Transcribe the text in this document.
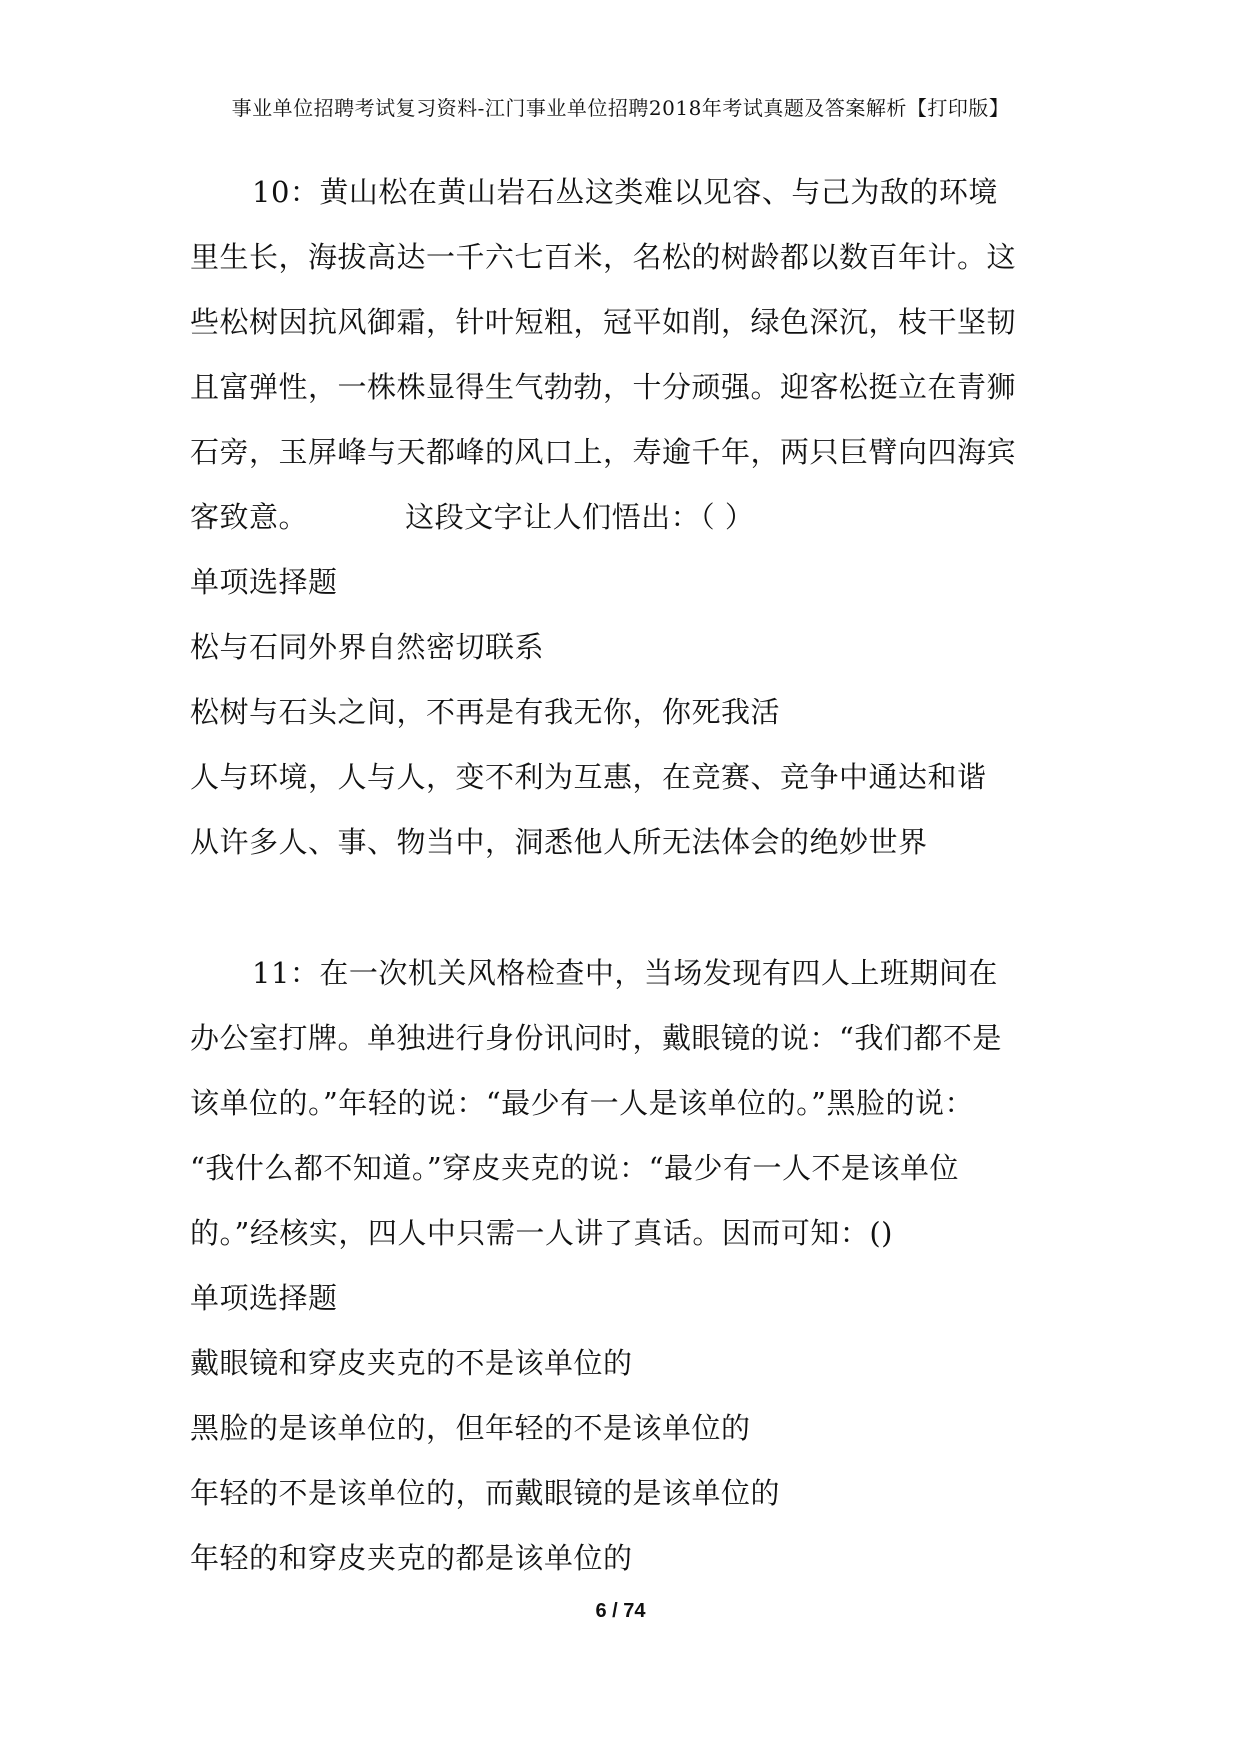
事业单位招聘考试复习资料-江门事业单位招聘2018年考试真题及答案解析【打印版】
10：黄山松在黄山岩石丛这类难以见容、与己为敌的环境
里生长，海拔高达一千六七百米，名松的树龄都以数百年计。这
些松树因抗风御霜，针叶短粗，冠平如削，绿色深沉，枝干坚韧
且富弹性，一株株显得生气勃勃，十分顽强。迎客松挺立在青狮
石旁，玉屏峰与天都峰的风口上，寿逾千年，两只巨臂向四海宾
客致意。          这段文字让人们悟出：（ ）
单项选择题
松与石同外界自然密切联系
松树与石头之间，不再是有我无你，你死我活
人与环境，人与人，变不利为互惠，在竞赛、竞争中通达和谐
从许多人、事、物当中，洞悉他人所无法体会的绝妙世界
11：在一次机关风格检查中，当场发现有四人上班期间在
办公室打牌。单独进行身份讯问时，戴眼镜的说：“我们都不是
该单位的。”年轻的说：“最少有一人是该单位的。”黑脸的说：
“我什么都不知道。”穿皮夹克的说：“最少有一人不是该单位
的。”经核实，四人中只需一人讲了真话。因而可知：()
单项选择题
戴眼镜和穿皮夹克的不是该单位的
黑脸的是该单位的，但年轻的不是该单位的
年轻的不是该单位的，而戴眼镜的是该单位的
年轻的和穿皮夹克的都是该单位的
6 / 74
